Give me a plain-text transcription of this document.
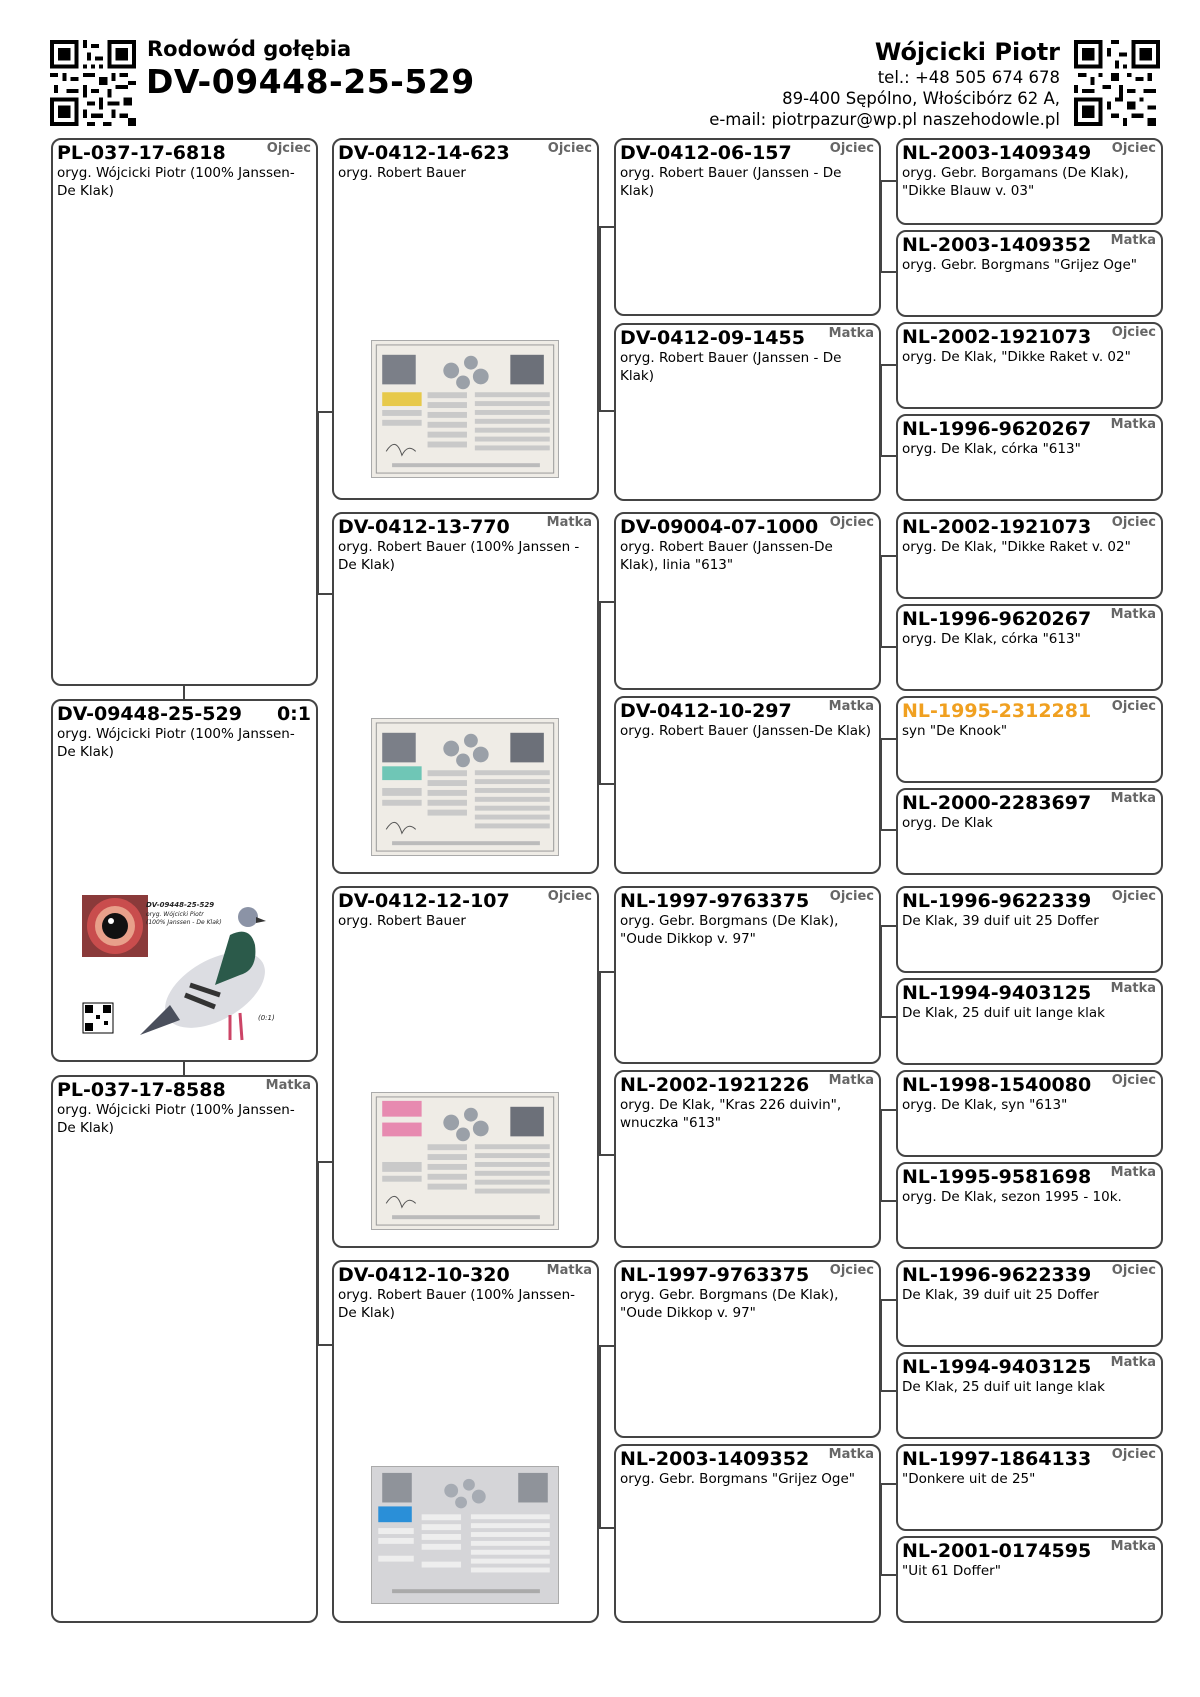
Rodowód gołębia
DV-09448-25-529
Wójcicki Piotr
tel.: +48 505 674 678
89-400 Sępólno, Włościbórz 62 A,
e-mail: piotrpazur@wp.pl naszehodowle.pl
PL-037-17-6818	Ojciec
oryg. Wójcicki Piotr (100% Janssen-De Klak)
DV-09448-25-529 0:1
oryg. Wójcicki Piotr (100% Janssen-De Klak)
DV-09448-25-529
oryg. Wójcicki Piotr
(100% Janssen - De Klak)
(0:1)
PL-037-17-8588	Matka
oryg. Wójcicki Piotr (100% Janssen-De Klak)
DV-0412-14-623	Ojciec
oryg. Robert Bauer
DV-0412-13-770	Matka
oryg. Robert Bauer (100% Janssen - De Klak)
DV-0412-12-107	Ojciec
oryg. Robert Bauer
DV-0412-10-320	Matka
oryg. Robert Bauer (100% Janssen-De Klak)
DV-0412-06-157	Ojciec
oryg. Robert Bauer (Janssen - De Klak)
DV-0412-09-1455 Matka
oryg. Robert Bauer (Janssen - De Klak)
DV-09004-07-1000 Ojciec
oryg. Robert Bauer (Janssen-De Klak), linia "613"
DV-0412-10-297	Matka
oryg. Robert Bauer (Janssen-De Klak)
NL-1997-9763375 Ojciec
oryg. Gebr. Borgmans (De Klak), "Oude Dikkop v. 97"
NL-2002-1921226 Matka
oryg. De Klak, "Kras 226 duivin", wnuczka "613"
NL-1997-9763375 Ojciec
oryg. Gebr. Borgmans (De Klak), "Oude Dikkop v. 97"
NL-2003-1409352 Matka
oryg. Gebr. Borgmans "Grijez Oge"
NL-2003-1409349 Ojciec
oryg. Gebr. Borgamans (De Klak), "Dikke Blauw v. 03"
NL-2003-1409352 Matka
oryg. Gebr. Borgmans "Grijez Oge"
NL-2002-1921073 Ojciec
oryg. De Klak, "Dikke Raket v. 02"
NL-1996-9620267 Matka
oryg. De Klak, córka "613"
NL-2002-1921073 Ojciec
oryg. De Klak, "Dikke Raket v. 02"
NL-1996-9620267 Matka
oryg. De Klak, córka "613"
NL-1995-2312281 Ojciec
syn "De Knook"
NL-2000-2283697 Matka
oryg. De Klak
NL-1996-9622339 Ojciec
De Klak, 39 duif uit 25 Doffer
NL-1994-9403125 Matka
De Klak, 25 duif uit lange klak
NL-1998-1540080 Ojciec
oryg. De Klak, syn "613"
NL-1995-9581698 Matka
oryg. De Klak, sezon 1995 - 10k.
NL-1996-9622339 Ojciec
De Klak, 39 duif uit 25 Doffer
NL-1994-9403125 Matka
De Klak, 25 duif uit lange klak
NL-1997-1864133 Ojciec
"Donkere uit de 25"
NL-2001-0174595 Matka
"Uit 61 Doffer"
